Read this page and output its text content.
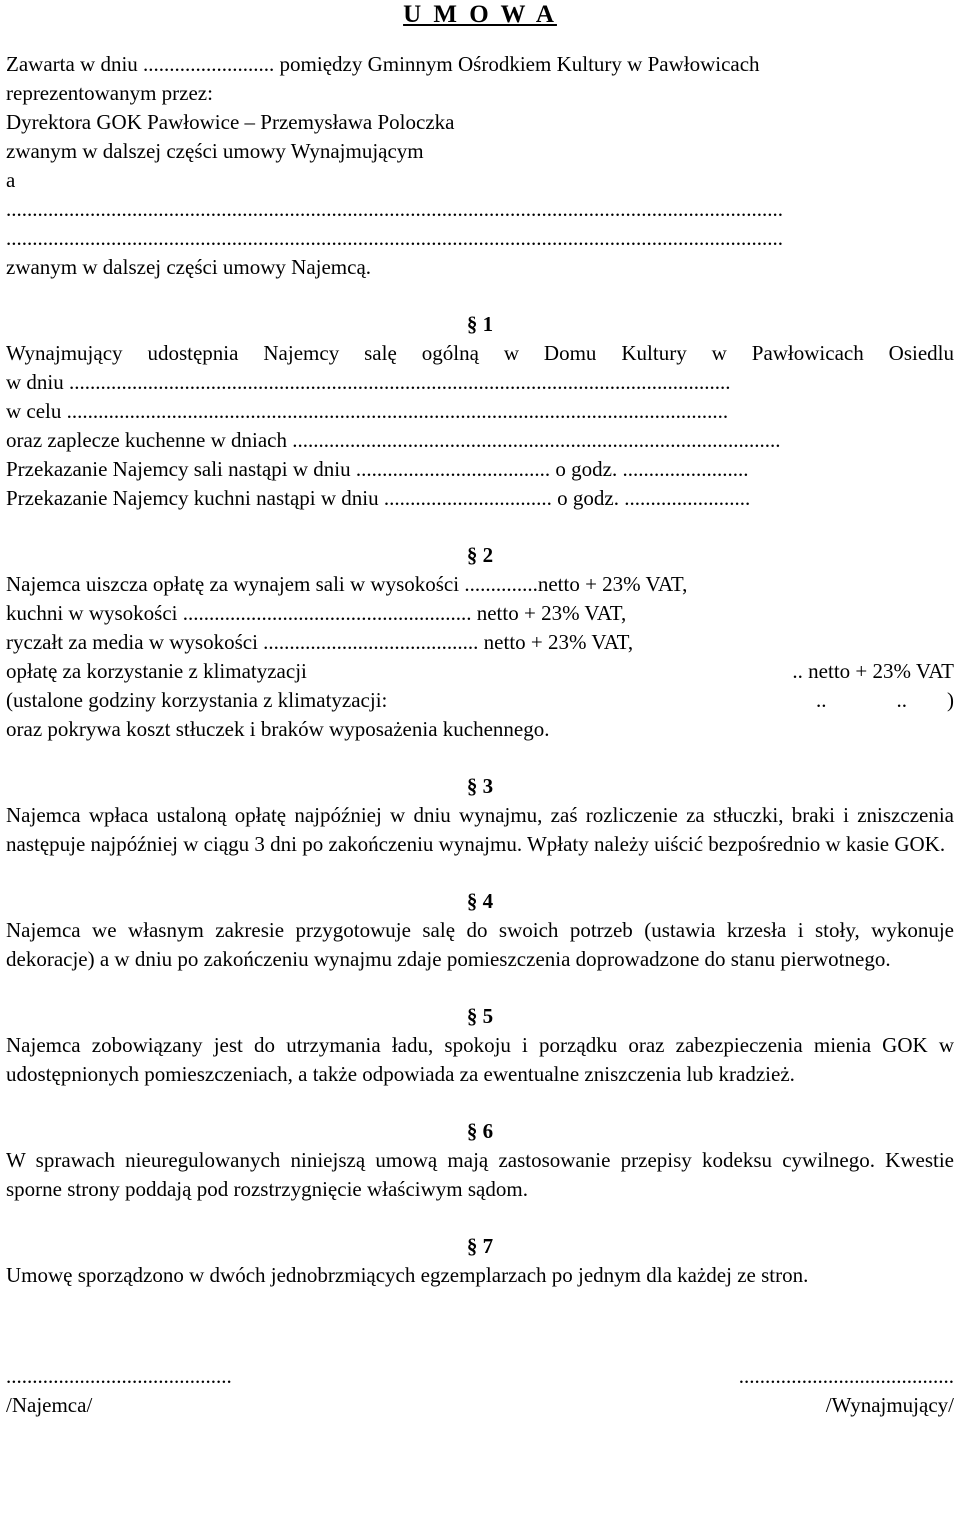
U M O W A
Zawarta w dniu ......................... pomiędzy Gminnym Ośrodkiem Kultury w Pawłowicach
reprezentowanym przez:
Dyrektora GOK Pawłowice – Przemysława Poloczka
zwanym w dalszej części umowy Wynajmującym
a
....................................................................................................................................................
....................................................................................................................................................
zwanym w dalszej części umowy Najemcą.
§ 1
Wynajmujący udostępnia Najemcy salę ogólną w Domu Kultury w Pawłowicach Osiedlu
w dniu ..............................................................................................................................
w celu ..............................................................................................................................
oraz zaplecze kuchenne w dniach .............................................................................................
Przekazanie Najemcy sali nastąpi w dniu ..................................... o godz. ........................
Przekazanie Najemcy kuchni nastąpi w dniu ................................ o godz. ........................
§ 2
Najemca uiszcza opłatę za wynajem sali w wysokości ..............netto + 23% VAT,
kuchni w wysokości ....................................................... netto + 23% VAT,
ryczałt za media w wysokości ......................................... netto + 23% VAT,
opłatę za korzystanie z klimatyzacji	.. netto + 23% VAT
(ustalone godziny korzystania z klimatyzacji:	..	.. )
oraz pokrywa koszt stłuczek i braków wyposażenia kuchennego.
§ 3
Najemca wpłaca ustaloną opłatę najpóźniej w dniu wynajmu, zaś rozliczenie za stłuczki, braki i zniszczenia następuje najpóźniej w ciągu 3 dni po zakończeniu wynajmu. Wpłaty należy uiścić bezpośrednio w kasie GOK.
§ 4
Najemca we własnym zakresie przygotowuje salę do swoich potrzeb (ustawia krzesła i stoły, wykonuje dekoracje) a w dniu po zakończeniu wynajmu zdaje pomieszczenia doprowadzone do stanu pierwotnego.
§ 5
Najemca zobowiązany jest do utrzymania ładu, spokoju i porządku oraz zabezpieczenia mienia GOK w udostępnionych pomieszczeniach, a także odpowiada za ewentualne zniszczenia lub kradzież.
§ 6
W sprawach nieuregulowanych niniejszą umową mają zastosowanie przepisy kodeksu cywilnego. Kwestie sporne strony poddają pod rozstrzygnięcie właściwym sądom.
§ 7
Umowę sporządzono w dwóch jednobrzmiących egzemplarzach po jednym dla każdej ze stron.
...........................................	.........................................
/Najemca/	/Wynajmujący/
